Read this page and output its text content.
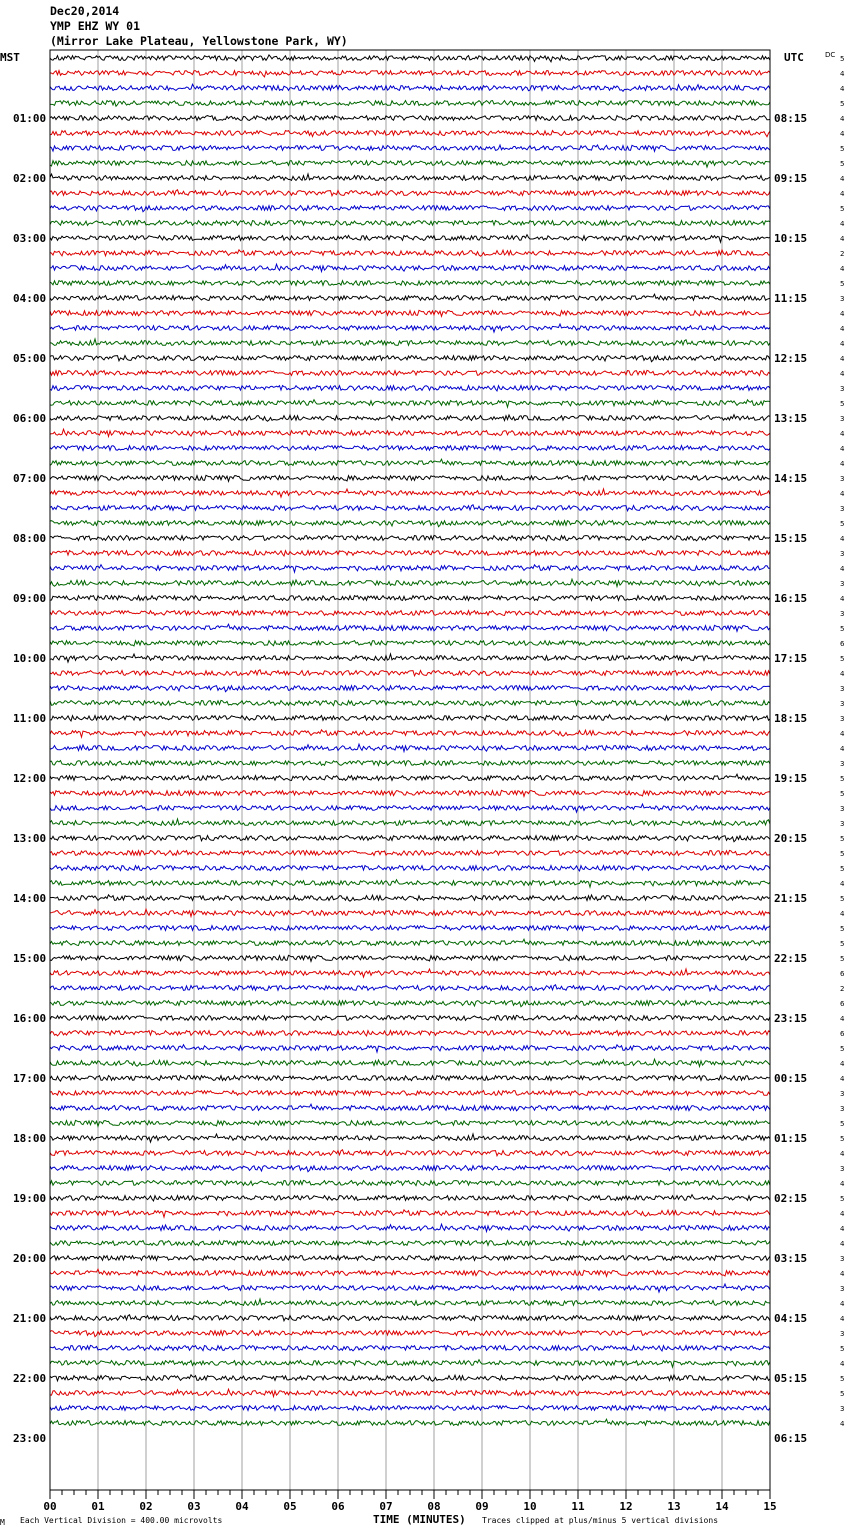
Dec20,2014
YMP EHZ WY 01
(Mirror Lake Plateau, Yellowstone Park, WY)
01:00
02:00
03:00
04:00
05:00
06:00
07:00
08:00
09:00
10:00
11:00
12:00
13:00
14:00
15:00
16:00
17:00
18:00
19:00
20:00
21:00
22:00
23:00
08:15
09:15
10:15
11:15
12:15
13:15
14:15
15:15
16:15
17:15
18:15
19:15
20:15
21:15
22:15
23:15
00:15
01:15
02:15
03:15
04:15
05:15
06:15
5
4
4
5
4
4
5
5
4
4
5
4
4
2
4
5
3
4
4
4
4
4
3
5
3
4
4
4
3
4
3
5
4
3
4
3
4
3
5
6
5
4
3
3
3
4
4
3
5
5
3
3
5
5
5
4
5
4
5
5
5
6
2
6
4
6
5
4
4
3
3
5
5
4
3
4
5
4
4
4
3
4
3
4
4
3
5
4
5
5
3
4
00	01	02	03	04	05	06	07	08	09	10	11	12	13	14	15
MST	UTC	DC
M Each Vertical Division = 400.00 microvolts	TIME (MINUTES) Traces clipped at plus/minus 5 vertical divisions
